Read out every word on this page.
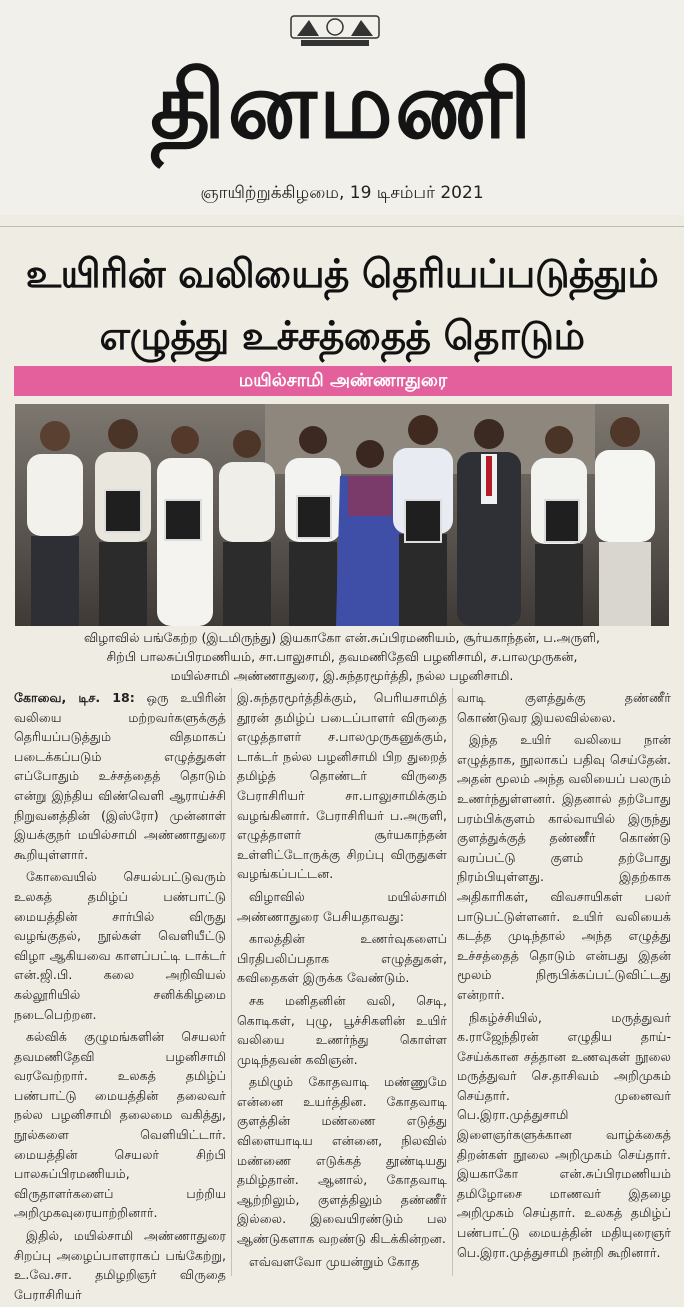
தினமணி
ஞாயிற்றுக்கிழமை, 19 டிசம்பர் 2021
உயிரின் வலியைத் தெரியப்படுத்தும்
எழுத்து உச்சத்தைத் தொடும்
மயில்சாமி அண்ணாதுரை
விழாவில் பங்கேற்ற (இடமிருந்து) இயகாகோ என்.சுப்பிரமணியம், சூர்யகாந்தன், ப.அருளி,
சிற்பி பாலசுப்பிரமணியம், சா.பாலுசாமி, தவமணிதேவி பழனிசாமி, ச.பாலமுருகன்,
மயில்சாமி அண்ணாதுரை, இ.சுந்தரமூர்த்தி, நல்ல பழனிசாமி.

கோவை, டிச. 18: ஒரு உயிரின் வலியை மற்றவர்களுக்குத் தெரியப்படுத்தும் விதமாகப் படைக்கப்படும் எழுத்துகள் எப்போதும் உச்சத்தைத் தொடும் என்று இந்திய விண்வெளி ஆராய்ச்சி நிறுவனத்தின் (இஸ்ரோ) முன்னாள் இயக்குநர் மயில்சாமி அண்ணாதுரை கூறியுள்ளார்.

கோவையில் செயல்பட்டுவரும் உலகத் தமிழ்ப் பண்பாட்டு மையத்தின் சார்பில் விருது வழங்குதல், நூல்கள் வெளியீட்டு விழா ஆகியவை காளப்பட்டி டாக்டர் என்.ஜி.பி. கலை அறிவியல் கல்லூரியில் சனிக்கிழமை நடைபெற்றன.

கல்விக் குழுமங்களின் செயலர் தவமணிதேவி பழனிசாமி வரவேற்றார். உலகத் தமிழ்ப் பண்பாட்டு மையத்தின் தலைவர் நல்ல பழனிசாமி தலைமை வகித்து, நூல்களை வெளியிட்டார். மையத்தின் செயலர் சிற்பி பாலசுப்பிரமணியம், விருதாளர்களைப் பற்றிய அறிமுகவுரையாற்றினார்.

இதில், மயில்சாமி அண்ணாதுரை சிறப்பு அழைப்பாளராகப் பங்கேற்று, உ.வே.சா. தமிழறிஞர் விருதை பேராசிரியர்

இ.சுந்தரமூர்த்திக்கும், பெரியசாமித் தூரன் தமிழ்ப் படைப்பாளர் விருதை எழுத்தாளர் ச.பாலமுருகனுக்கும், டாக்டர் நல்ல பழனிசாமி பிற துறைத் தமிழ்த் தொண்டர் விருதை பேராசிரியர் சா.பாலுசாமிக்கும் வழங்கினார். பேராசிரியர் ப.அருளி, எழுத்தாளர் சூர்யகாந்தன் உள்ளிட்டோருக்கு சிறப்பு விருதுகள் வழங்கப்பட்டன.

விழாவில் மயில்சாமி அண்ணாதுரை பேசியதாவது:

காலத்தின் உணர்வுகளைப் பிரதிபலிப்பதாக எழுத்துகள், கவிதைகள் இருக்க வேண்டும்.

சக மனிதனின் வலி, செடி, கொடிகள், புழு, பூச்சிகளின் உயிர் வலியை உணர்ந்து கொள்ள முடிந்தவன் கவிஞன்.

தமிழும் கோதவாடி மண்ணுமே என்னை உயர்த்தின. கோதவாடி குளத்தின் மண்ணை எடுத்து விளையாடிய என்னை, நிலவில் மண்ணை எடுக்கத் தூண்டியது தமிழ்தான். ஆனால், கோதவாடி ஆற்றிலும், குளத்திலும் தண்ணீர் இல்லை. இவையிரண்டும் பல ஆண்டுகளாக வறண்டு கிடக்கின்றன.

எவ்வளவோ முயன்றும் கோத

வாடி குளத்துக்கு தண்ணீர் கொண்டுவர இயலவில்லை.

இந்த உயிர் வலியை நான் எழுத்தாக, நூலாகப் பதிவு செய்தேன். அதன் மூலம் அந்த வலியைப் பலரும் உணர்ந்துள்ளனர். இதனால் தற்போது பரம்பிக்குளம் கால்வாயில் இருந்து குளத்துக்குத் தண்ணீர் கொண்டு வரப்பட்டு குளம் தற்போது நிரம்பியுள்ளது. இதற்காக அதிகாரிகள், விவசாயிகள் பலர் பாடுபட்டுள்ளனர். உயிர் வலியைக் கடத்த முடிந்தால் அந்த எழுத்து உச்சத்தைத் தொடும் என்பது இதன் மூலம் நிரூபிக்கப்பட்டுவிட்டது என்றார்.

நிகழ்ச்சியில், மருத்துவர் க.ராஜேந்திரன் எழுதிய தாய்-சேய்க்கான சத்தான உணவுகள் நூலை மருத்துவர் செ.தாசிவம் அறிமுகம் செய்தார். முனைவர் பெ.இரா.முத்துசாமி இளைஞர்களுக்கான வாழ்க்கைத் திறன்கள் நூலை அறிமுகம் செய்தார். இயகாகோ என்.சுப்பிரமணியம் தமிழோசை மாணவர் இதழை அறிமுகம் செய்தார். உலகத் தமிழ்ப் பண்பாட்டு மையத்தின் மதியுரைஞர் பெ.இரா.முத்துசாமி நன்றி கூறினார்.
